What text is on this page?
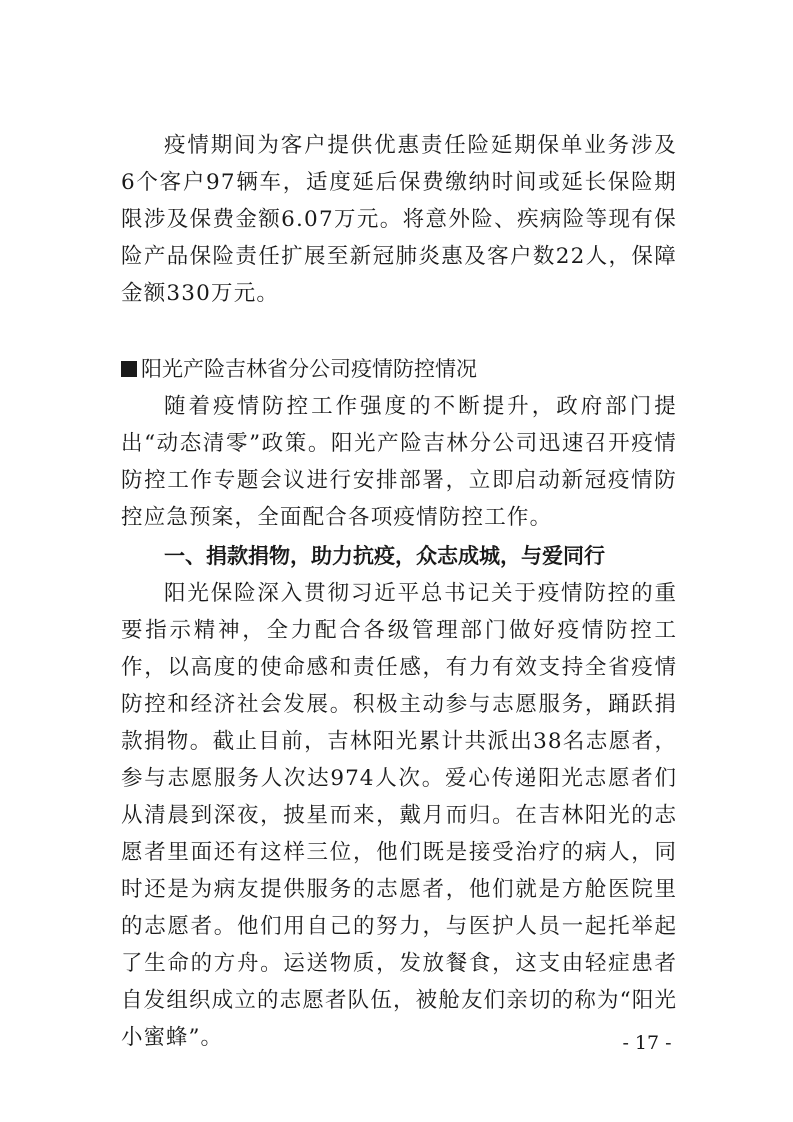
疫情期间为客户提供优惠责任险延期保单业务涉及6个客户97辆车，适度延后保费缴纳时间或延长保险期限涉及保费金额6.07万元。将意外险、疾病险等现有保险产品保险责任扩展至新冠肺炎惠及客户数22人，保障金额330万元。

阳光产险吉林省分公司疫情防控情况

随着疫情防控工作强度的不断提升，政府部门提出“动态清零”政策。阳光产险吉林分公司迅速召开疫情防控工作专题会议进行安排部署，立即启动新冠疫情防控应急预案，全面配合各项疫情防控工作。

一、捐款捐物，助力抗疫，众志成城，与爱同行

阳光保险深入贯彻习近平总书记关于疫情防控的重要指示精神，全力配合各级管理部门做好疫情防控工作，以高度的使命感和责任感，有力有效支持全省疫情防控和经济社会发展。积极主动参与志愿服务，踊跃捐款捐物。截止目前，吉林阳光累计共派出38名志愿者，参与志愿服务人次达974人次。爱心传递阳光志愿者们从清晨到深夜，披星而来，戴月而归。在吉林阳光的志愿者里面还有这样三位，他们既是接受治疗的病人，同时还是为病友提供服务的志愿者，他们就是方舱医院里的志愿者。他们用自己的努力，与医护人员一起托举起了生命的方舟。运送物质，发放餐食，这支由轻症患者自发组织成立的志愿者队伍，被舱友们亲切的称为“阳光小蜜蜂”。	- 17 -
